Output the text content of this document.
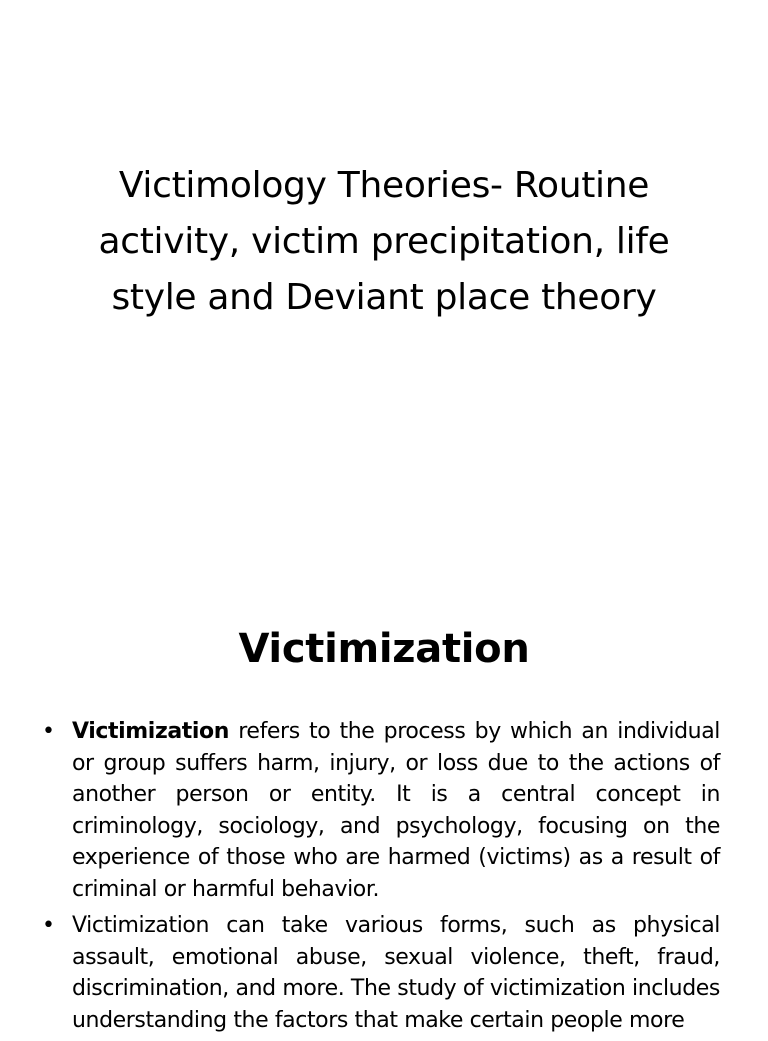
Victimology Theories- Routine activity, victim precipitation, life style and Deviant place theory
Victimization
• Victimization refers to the process by which an individual or group suffers harm, injury, or loss due to the actions of another person or entity. It is a central concept in criminology, sociology, and psychology, focusing on the experience of those who are harmed (victims) as a result of criminal or harmful behavior.
• Victimization can take various forms, such as physical assault, emotional abuse, sexual violence, theft, fraud, discrimination, and more. The study of victimization includes understanding the factors that make certain people more
